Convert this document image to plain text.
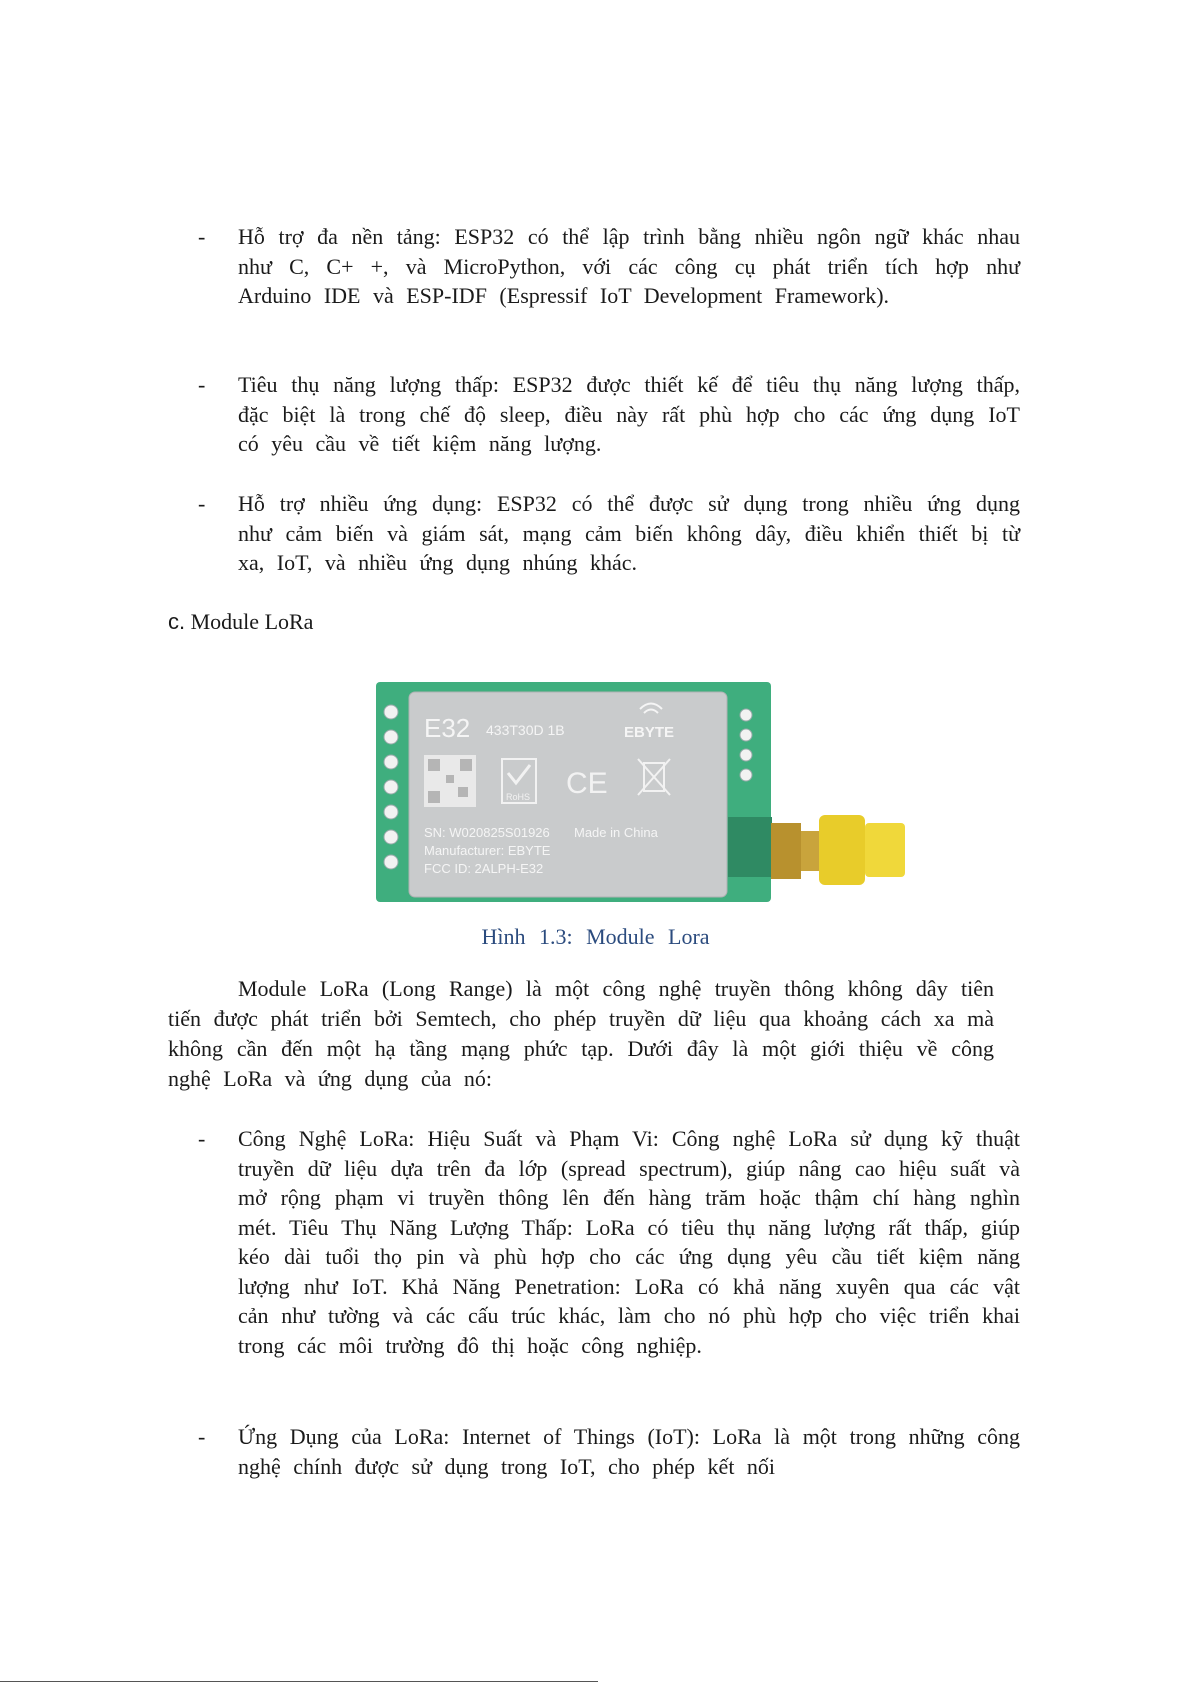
- Hỗ trợ đa nền tảng: ESP32 có thể lập trình bằng nhiều ngôn ngữ khác nhau như C, C+ +, và MicroPython, với các công cụ phát triển tích hợp như Arduino IDE và ESP-IDF (Espressif IoT Development Framework).
- Tiêu thụ năng lượng thấp: ESP32 được thiết kế để tiêu thụ năng lượng thấp, đặc biệt là trong chế độ sleep, điều này rất phù hợp cho các ứng dụng IoT có yêu cầu về tiết kiệm năng lượng.
- Hỗ trợ nhiều ứng dụng: ESP32 có thể được sử dụng trong nhiều ứng dụng như cảm biến và giám sát, mạng cảm biến không dây, điều khiển thiết bị từ xa, IoT, và nhiều ứng dụng nhúng khác.
c. Module LoRa
E32 433T30D 1B	EBYTE
RoHS CE
SN: W020825S01926 Made in China
Manufacturer: EBYTE
FCC ID: 2ALPH-E32
Hình 1.3: Module Lora
Module LoRa (Long Range) là một công nghệ truyền thông không dây tiên tiến được phát triển bởi Semtech, cho phép truyền dữ liệu qua khoảng cách xa mà không cần đến một hạ tầng mạng phức tạp. Dưới đây là một giới thiệu về công nghệ LoRa và ứng dụng của nó:
- Công Nghệ LoRa: Hiệu Suất và Phạm Vi: Công nghệ LoRa sử dụng kỹ thuật truyền dữ liệu dựa trên đa lớp (spread spectrum), giúp nâng cao hiệu suất và mở rộng phạm vi truyền thông lên đến hàng trăm hoặc thậm chí hàng nghìn mét. Tiêu Thụ Năng Lượng Thấp: LoRa có tiêu thụ năng lượng rất thấp, giúp kéo dài tuổi thọ pin và phù hợp cho các ứng dụng yêu cầu tiết kiệm năng lượng như IoT. Khả Năng Penetration: LoRa có khả năng xuyên qua các vật cản như tường và các cấu trúc khác, làm cho nó phù hợp cho việc triển khai trong các môi trường đô thị hoặc công nghiệp.
- Ứng Dụng của LoRa: Internet of Things (IoT): LoRa là một trong những công nghệ chính được sử dụng trong IoT, cho phép kết nối
